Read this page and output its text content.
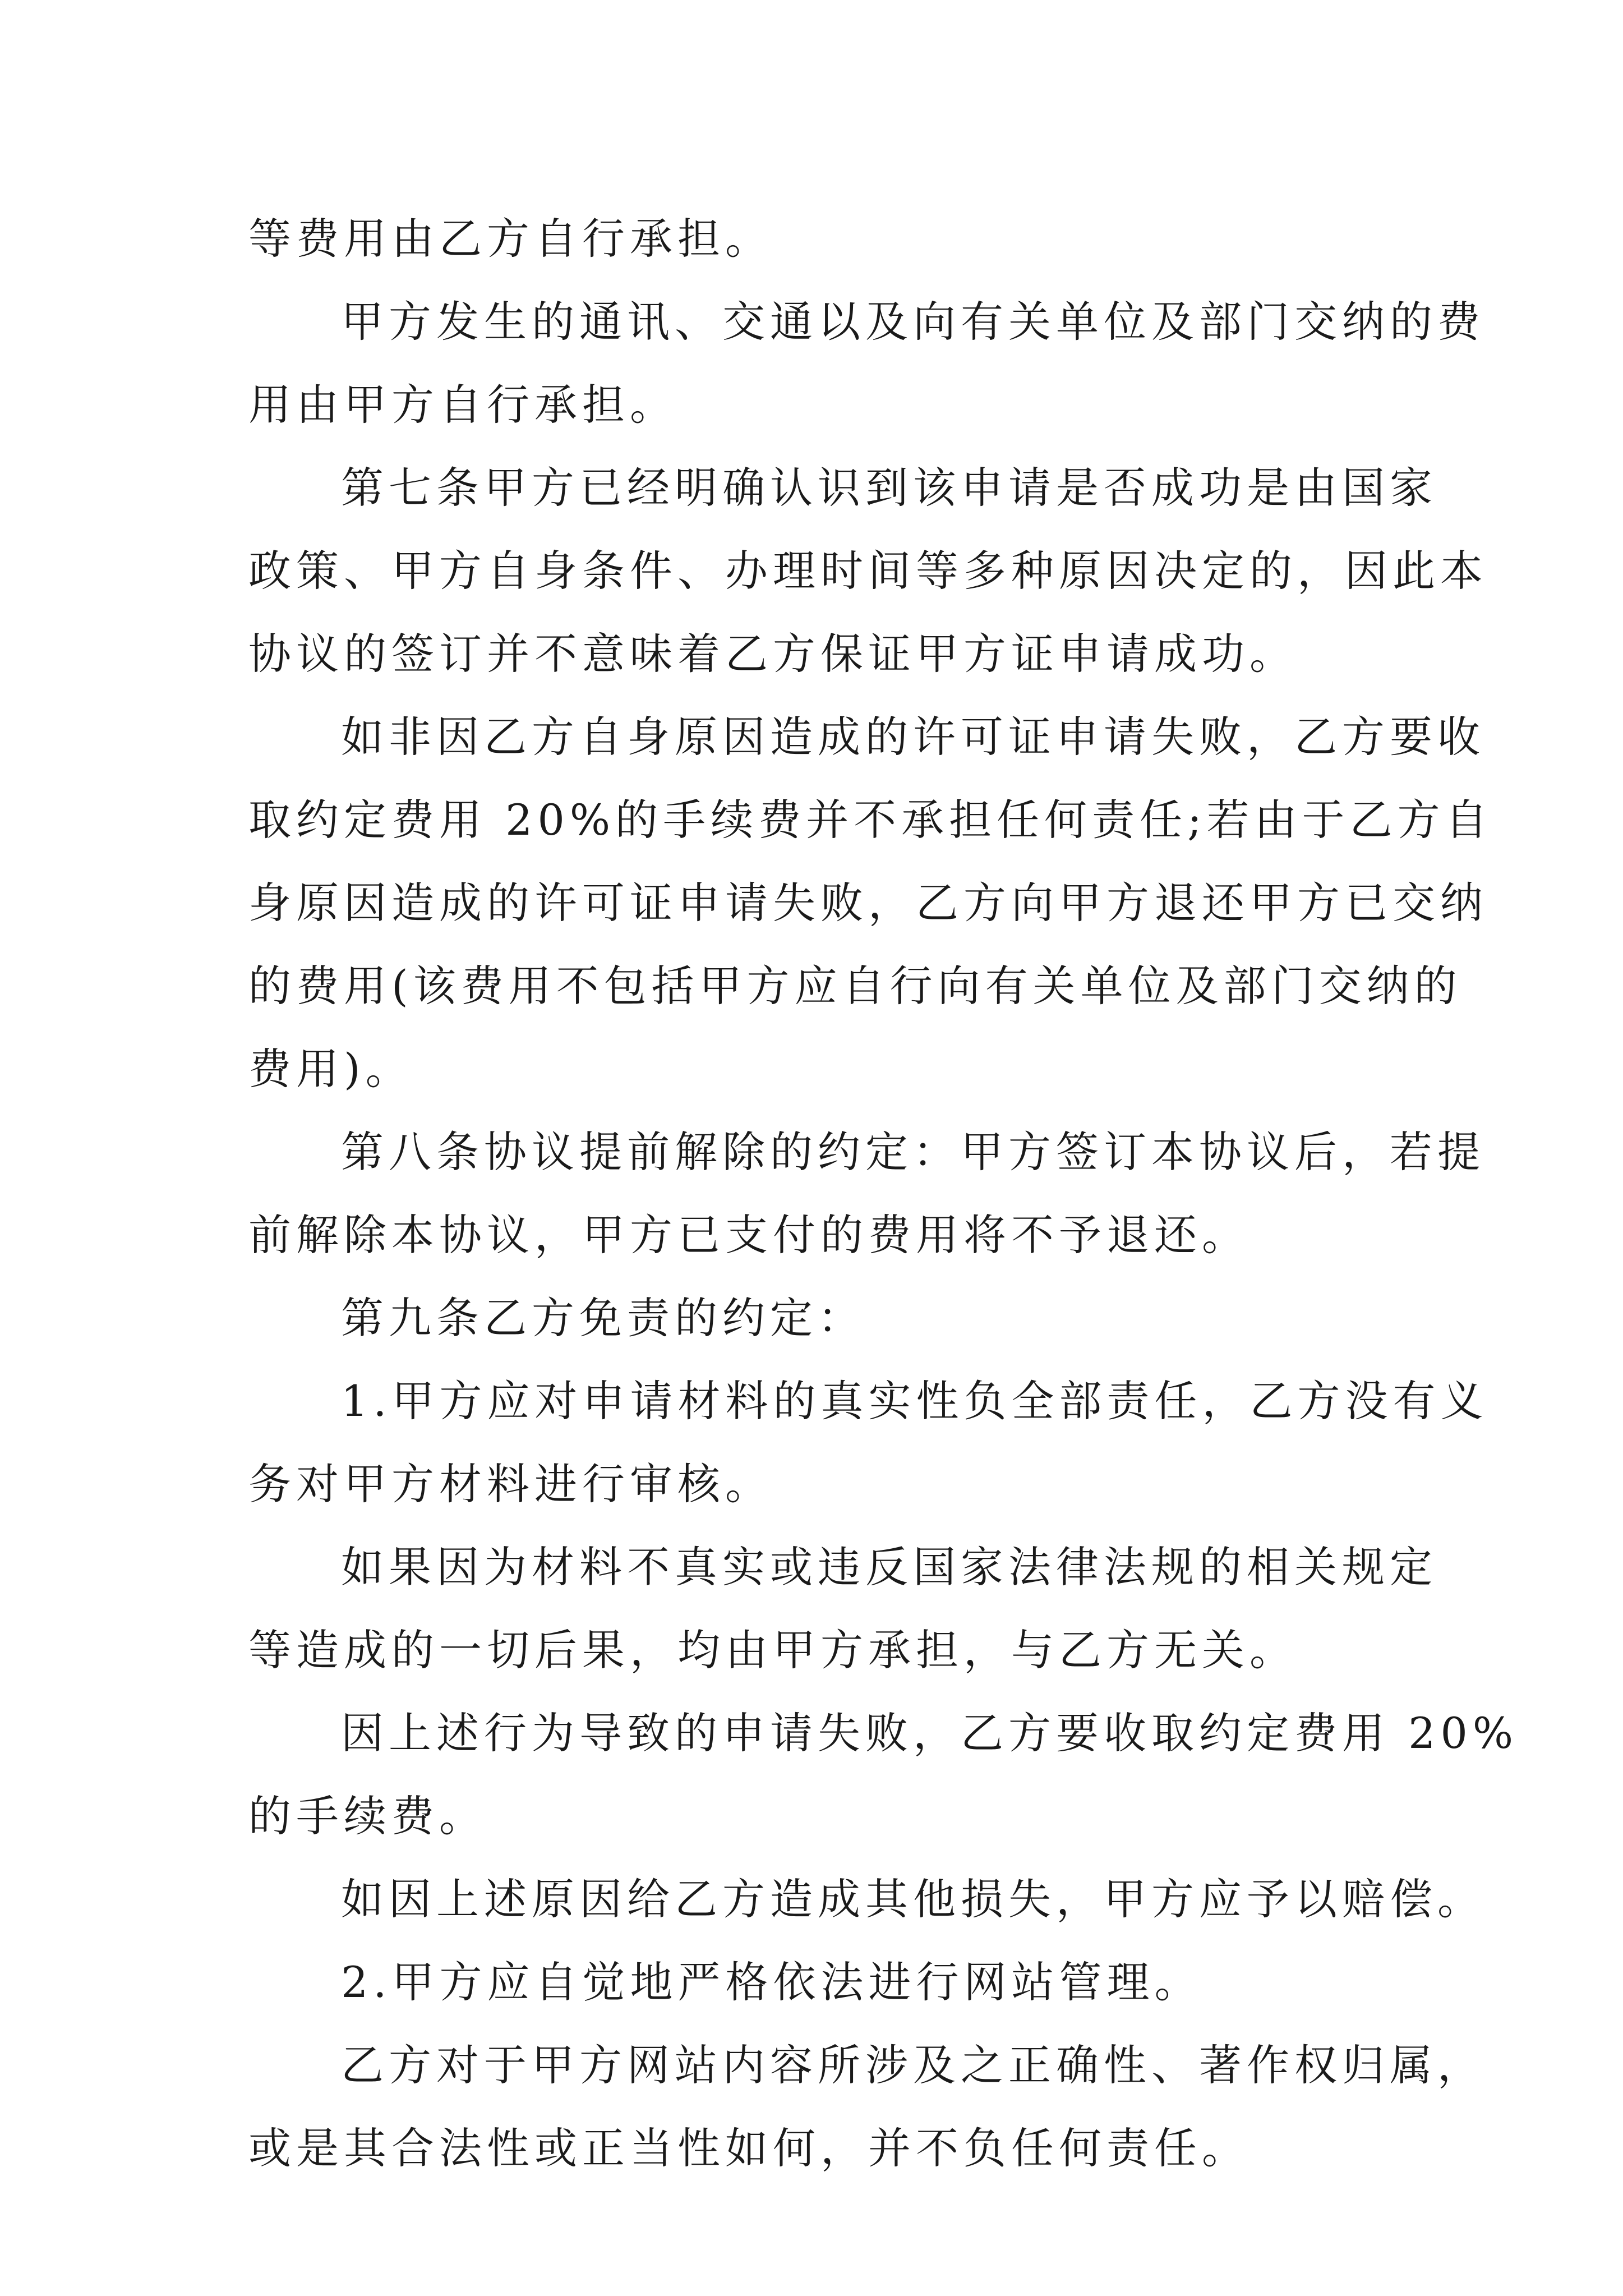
等费用由乙方自行承担。
甲方发生的通讯、交通以及向有关单位及部门交纳的费
用由甲方自行承担。
第七条甲方已经明确认识到该申请是否成功是由国家
政策、甲方自身条件、办理时间等多种原因决定的，因此本
协议的签订并不意味着乙方保证甲方证申请成功。
如非因乙方自身原因造成的许可证申请失败，乙方要收
取约定费用 20%的手续费并不承担任何责任;若由于乙方自
身原因造成的许可证申请失败，乙方向甲方退还甲方已交纳
的费用(该费用不包括甲方应自行向有关单位及部门交纳的
费用)。
第八条协议提前解除的约定：甲方签订本协议后，若提
前解除本协议，甲方已支付的费用将不予退还。
第九条乙方免责的约定：
1.甲方应对申请材料的真实性负全部责任，乙方没有义
务对甲方材料进行审核。
如果因为材料不真实或违反国家法律法规的相关规定
等造成的一切后果，均由甲方承担，与乙方无关。
因上述行为导致的申请失败，乙方要收取约定费用 20%
的手续费。
如因上述原因给乙方造成其他损失，甲方应予以赔偿。
2.甲方应自觉地严格依法进行网站管理。
乙方对于甲方网站内容所涉及之正确性、著作权归属，
或是其合法性或正当性如何，并不负任何责任。
